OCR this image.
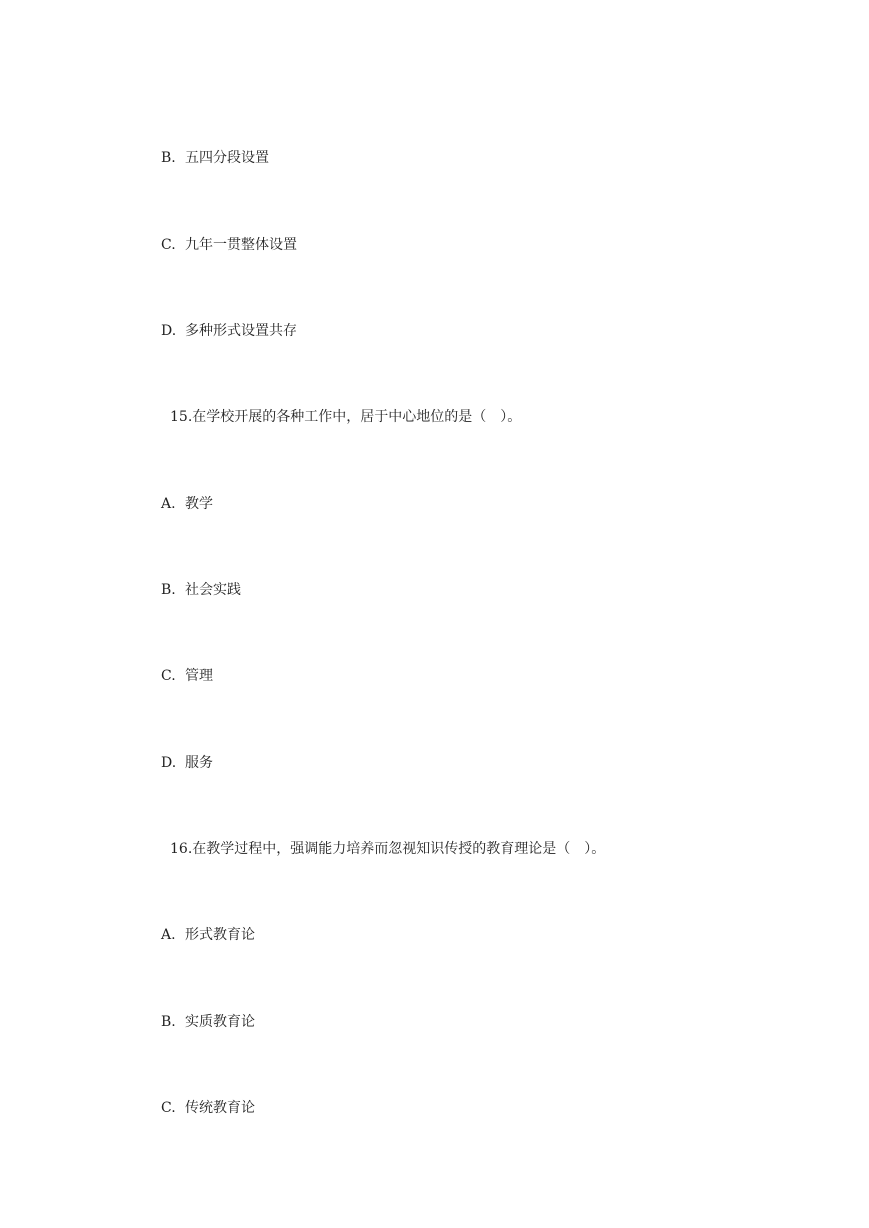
B. 五四分段设置
C. 九年一贯整体设置
D. 多种形式设置共存
15.在学校开展的各种工作中，居于中心地位的是（　）。
A. 教学
B. 社会实践
C. 管理
D. 服务
16.在教学过程中，强调能力培养而忽视知识传授的教育理论是（　）。
A. 形式教育论
B. 实质教育论
C. 传统教育论
